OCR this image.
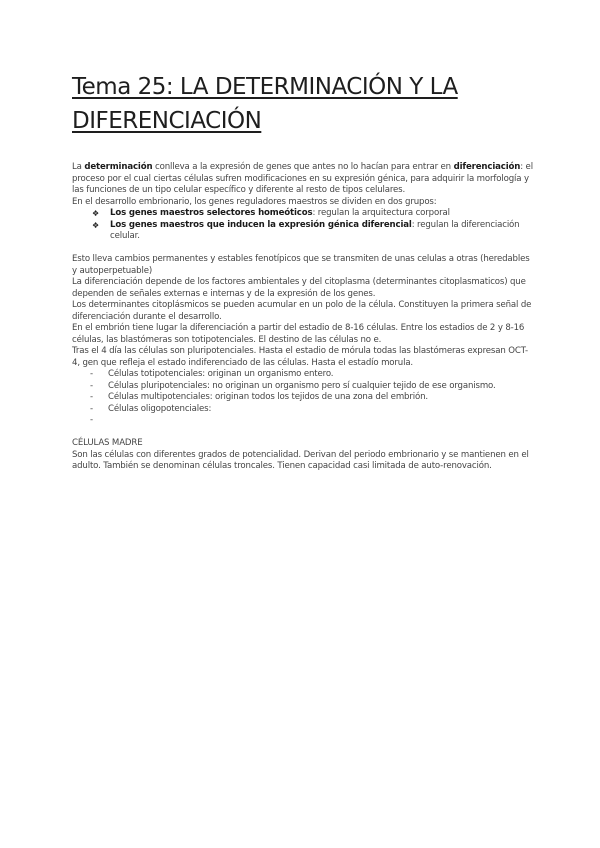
Tema 25: LA DETERMINACIÓN Y LA DIFERENCIACIÓN

La determinación conlleva a la expresión de genes que antes no lo hacían para entrar en diferenciación: el proceso por el cual ciertas células sufren modificaciones en su expresión génica, para adquirir la morfología y las funciones de un tipo celular específico y diferente al resto de tipos celulares.

En el desarrollo embrionario, los genes reguladores maestros se dividen en dos grupos:

❖ Los genes maestros selectores homeóticos: regulan la arquitectura corporal
❖ Los genes maestros que inducen la expresión génica diferencial: regulan la diferenciación celular.

Esto lleva cambios permanentes y estables fenotípicos que se transmiten de unas celulas a otras (heredables y autoperpetuable)

La diferenciación depende de los factores ambientales y del citoplasma (determinantes citoplasmaticos) que dependen de señales externas e internas y de la expresión de los genes.

Los determinantes citoplásmicos se pueden acumular en un polo de la célula. Constituyen la primera señal de diferenciación durante el desarrollo.

En el embrión tiene lugar la diferenciación a partir del estadio de 8-16 células. Entre los estadios de 2 y 8-16 células, las blastómeras son totipotenciales. El destino de las células no e.

Tras el 4 día las células son pluripotenciales. Hasta el estadio de mórula todas las blastómeras expresan OCT-4, gen que refleja el estado indiferenciado de las células. Hasta el estadío morula.

- Células totipotenciales: originan un organismo entero.
- Células pluripotenciales: no originan un organismo pero sí cualquier tejido de ese organismo.
- Células multipotenciales: originan todos los tejidos de una zona del embrión.
- Células oligopotenciales:
-

CÉLULAS MADRE

Son las células con diferentes grados de potencialidad. Derivan del periodo embrionario y se mantienen en el adulto. También se denominan células troncales. Tienen capacidad casi limitada de auto-renovación.
